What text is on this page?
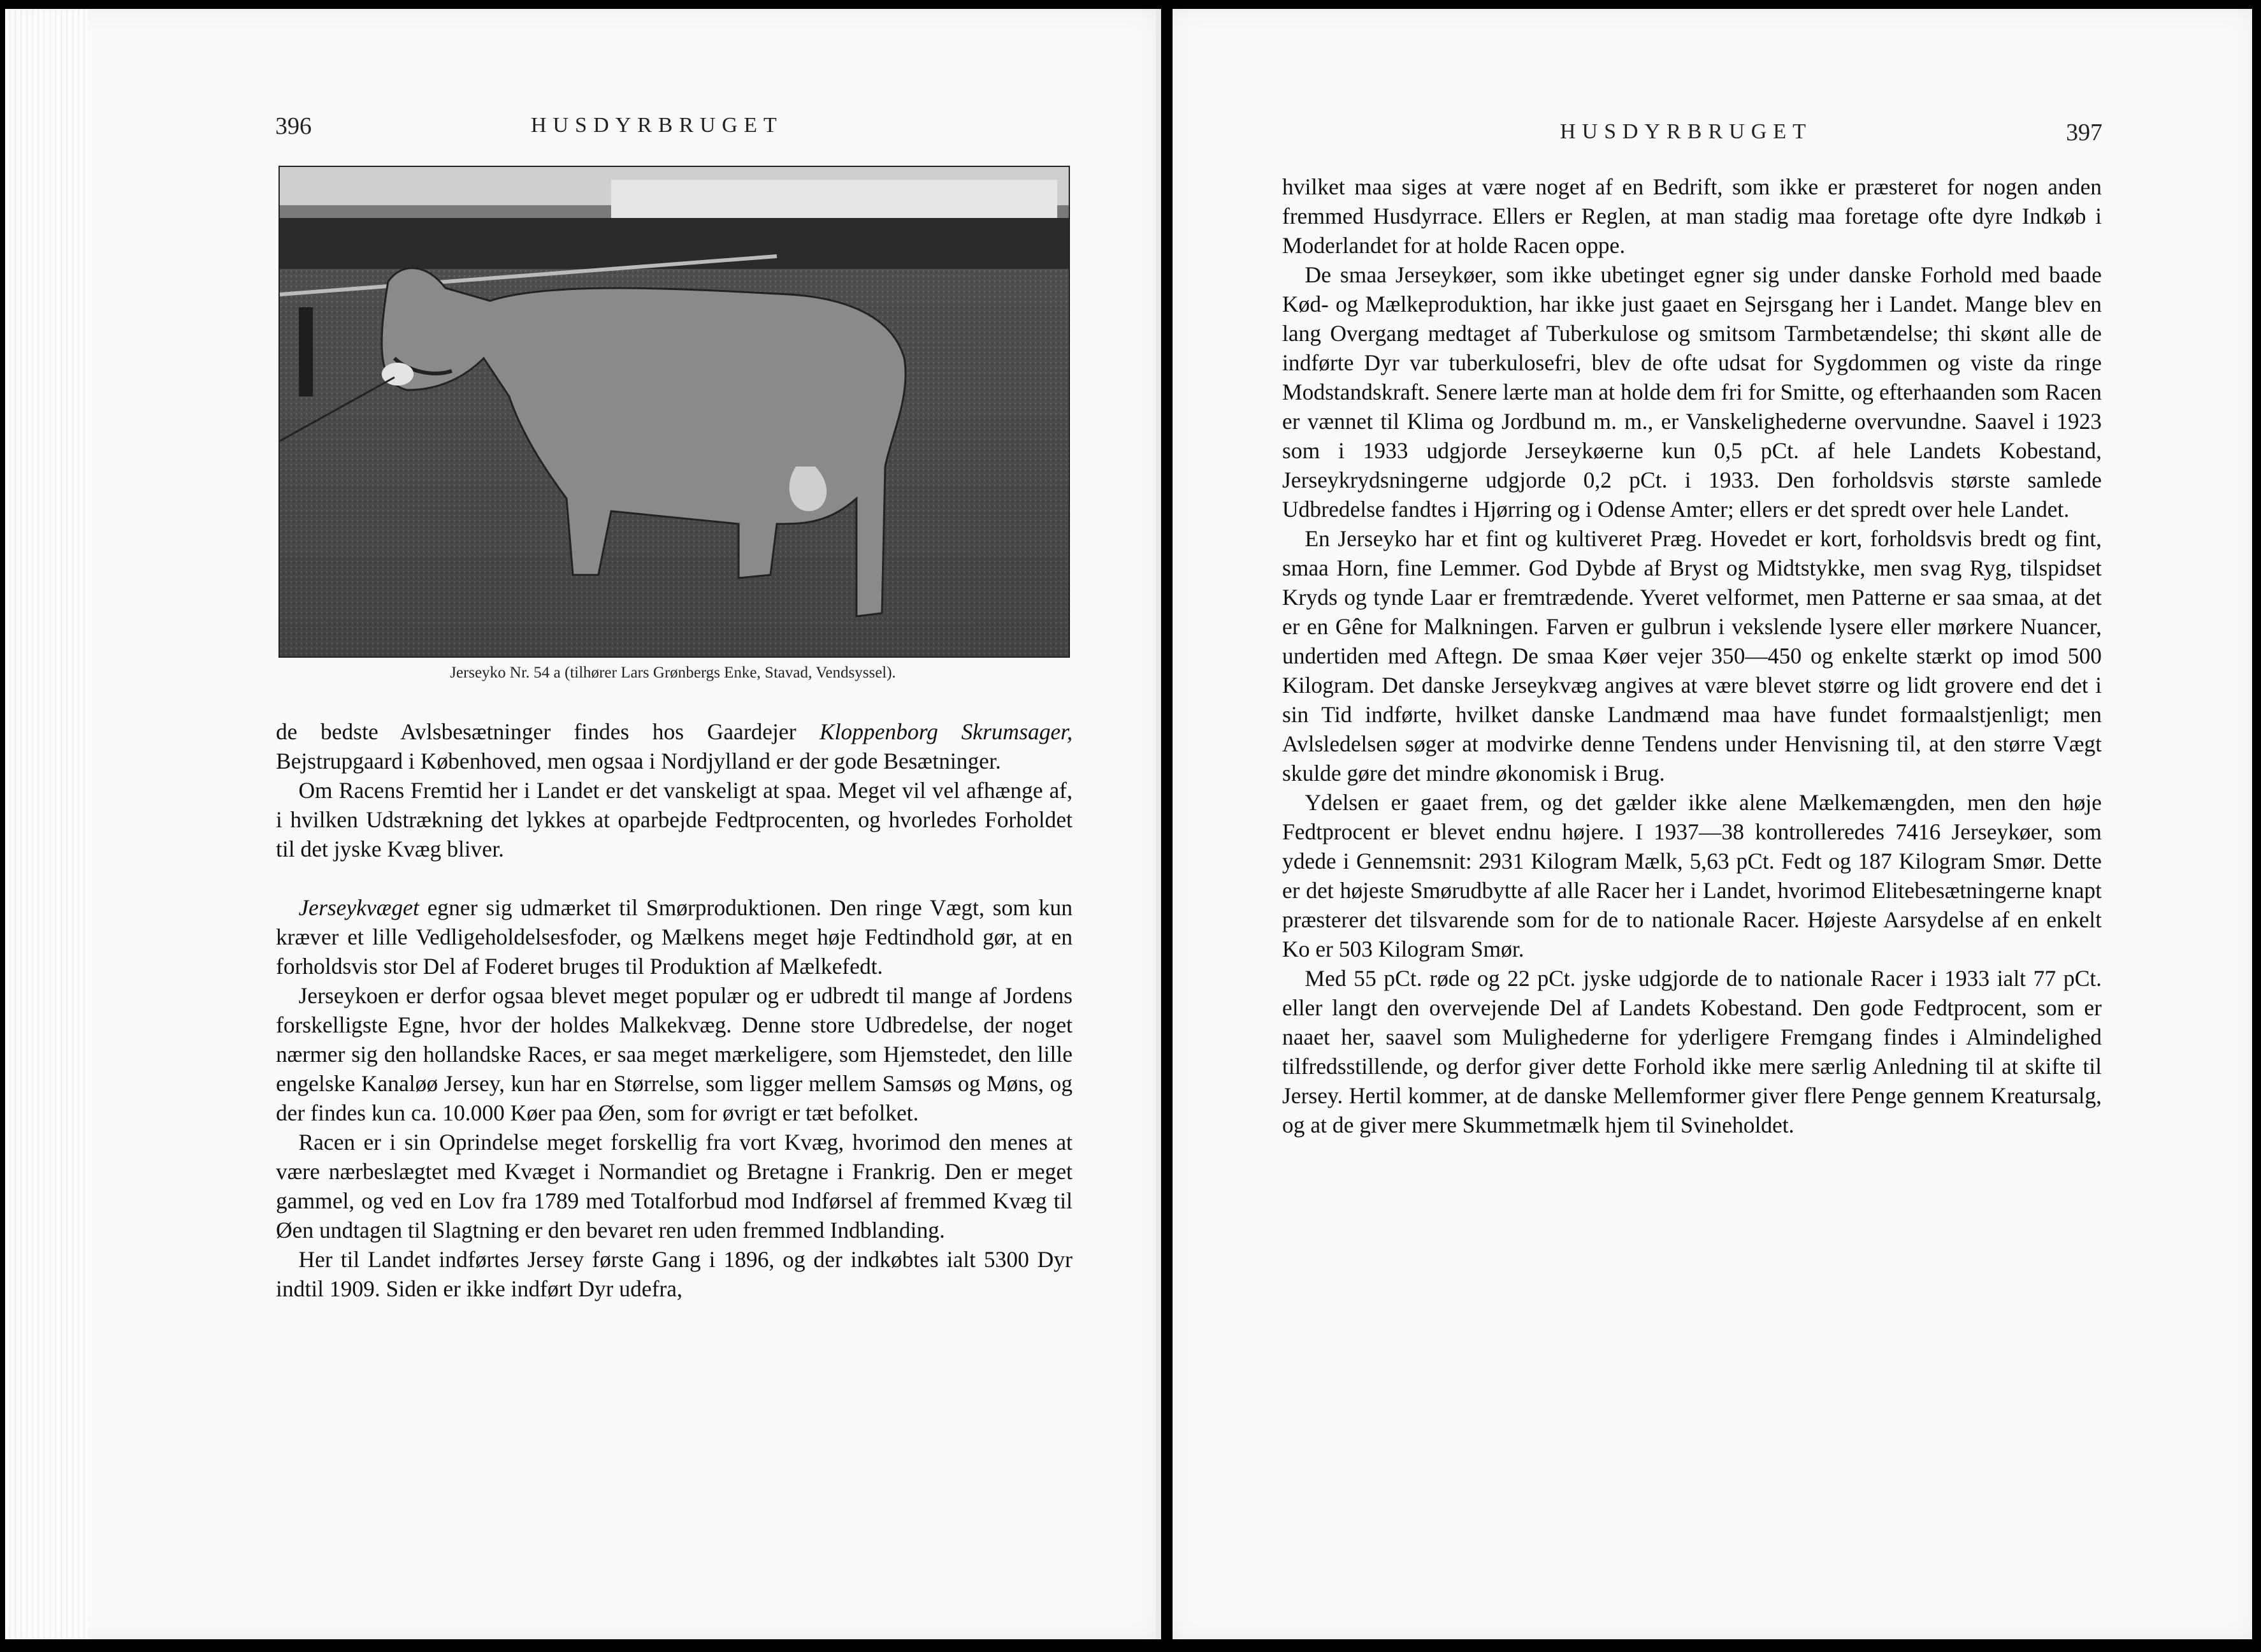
396	HUSDYRBRUGET
Jerseyko Nr. 54 a (tilhører Lars Grønbergs Enke, Stavad, Vendsyssel).

de bedste Avlsbesætninger findes hos Gaardejer Kloppenborg Skrumsager, Bejstrupgaard i Københoved, men ogsaa i Nordjylland er der gode Besætninger.

Om Racens Fremtid her i Landet er det vanskeligt at spaa. Meget vil vel afhænge af, i hvilken Udstrækning det lykkes at oparbejde Fedtprocenten, og hvorledes Forholdet til det jyske Kvæg bliver.

Jerseykvæget egner sig udmærket til Smørproduktionen. Den ringe Vægt, som kun kræver et lille Vedligeholdelsesfoder, og Mælkens meget høje Fedtindhold gør, at en forholdsvis stor Del af Foderet bruges til Produktion af Mælkefedt.

Jerseykoen er derfor ogsaa blevet meget populær og er udbredt til mange af Jordens forskelligste Egne, hvor der holdes Malkekvæg. Denne store Udbredelse, der noget nærmer sig den hollandske Races, er saa meget mærkeligere, som Hjemstedet, den lille engelske Kanaløø Jersey, kun har en Størrelse, som ligger mellem Samsøs og Møns, og der findes kun ca. 10.000 Køer paa Øen, som for øvrigt er tæt befolket.

Racen er i sin Oprindelse meget forskellig fra vort Kvæg, hvorimod den menes at være nærbeslægtet med Kvæget i Normandiet og Bretagne i Frankrig. Den er meget gammel, og ved en Lov fra 1789 med Totalforbud mod Indførsel af fremmed Kvæg til Øen undtagen til Slagtning er den bevaret ren uden fremmed Indblanding.

Her til Landet indførtes Jersey første Gang i 1896, og der indkøbtes ialt 5300 Dyr indtil 1909. Siden er ikke indført Dyr udefra,

HUSDYRBRUGET	397

hvilket maa siges at være noget af en Bedrift, som ikke er præsteret for nogen anden fremmed Husdyrrace. Ellers er Reglen, at man stadig maa foretage ofte dyre Indkøb i Moderlandet for at holde Racen oppe.

De smaa Jerseykøer, som ikke ubetinget egner sig under danske Forhold med baade Kød- og Mælkeproduktion, har ikke just gaaet en Sejrsgang her i Landet. Mange blev en lang Overgang medtaget af Tuberkulose og smitsom Tarmbetændelse; thi skønt alle de indførte Dyr var tuberkulosefri, blev de ofte udsat for Sygdommen og viste da ringe Modstandskraft. Senere lærte man at holde dem fri for Smitte, og efterhaanden som Racen er vænnet til Klima og Jordbund m. m., er Vanskelighederne overvundne. Saavel i 1923 som i 1933 udgjorde Jerseykøerne kun 0,5 pCt. af hele Landets Kobestand, Jerseykrydsningerne udgjorde 0,2 pCt. i 1933. Den forholdsvis største samlede Udbredelse fandtes i Hjørring og i Odense Amter; ellers er det spredt over hele Landet.

En Jerseyko har et fint og kultiveret Præg. Hovedet er kort, forholdsvis bredt og fint, smaa Horn, fine Lemmer. God Dybde af Bryst og Midtstykke, men svag Ryg, tilspidset Kryds og tynde Laar er fremtrædende. Yveret velformet, men Patterne er saa smaa, at det er en Gêne for Malkningen. Farven er gulbrun i vekslende lysere eller mørkere Nuancer, undertiden med Aftegn. De smaa Køer vejer 350—450 og enkelte stærkt op imod 500 Kilogram. Det danske Jerseykvæg angives at være blevet større og lidt grovere end det i sin Tid indførte, hvilket danske Landmænd maa have fundet formaalstjenligt; men Avlsledelsen søger at modvirke denne Tendens under Henvisning til, at den større Vægt skulde gøre det mindre økonomisk i Brug.

Ydelsen er gaaet frem, og det gælder ikke alene Mælkemængden, men den høje Fedtprocent er blevet endnu højere. I 1937—38 kontrolleredes 7416 Jerseykøer, som ydede i Gennemsnit: 2931 Kilogram Mælk, 5,63 pCt. Fedt og 187 Kilogram Smør. Dette er det højeste Smørudbytte af alle Racer her i Landet, hvorimod Elitebesætningerne knapt præsterer det tilsvarende som for de to nationale Racer. Højeste Aarsydelse af en enkelt Ko er 503 Kilogram Smør.

Med 55 pCt. røde og 22 pCt. jyske udgjorde de to nationale Racer i 1933 ialt 77 pCt. eller langt den overvejende Del af Landets Kobestand. Den gode Fedtprocent, som er naaet her, saavel som Mulighederne for yderligere Fremgang findes i Almindelighed tilfredsstillende, og derfor giver dette Forhold ikke mere særlig Anledning til at skifte til Jersey. Hertil kommer, at de danske Mellemformer giver flere Penge gennem Kreatursalg, og at de giver mere Skummetmælk hjem til Svineholdet.
